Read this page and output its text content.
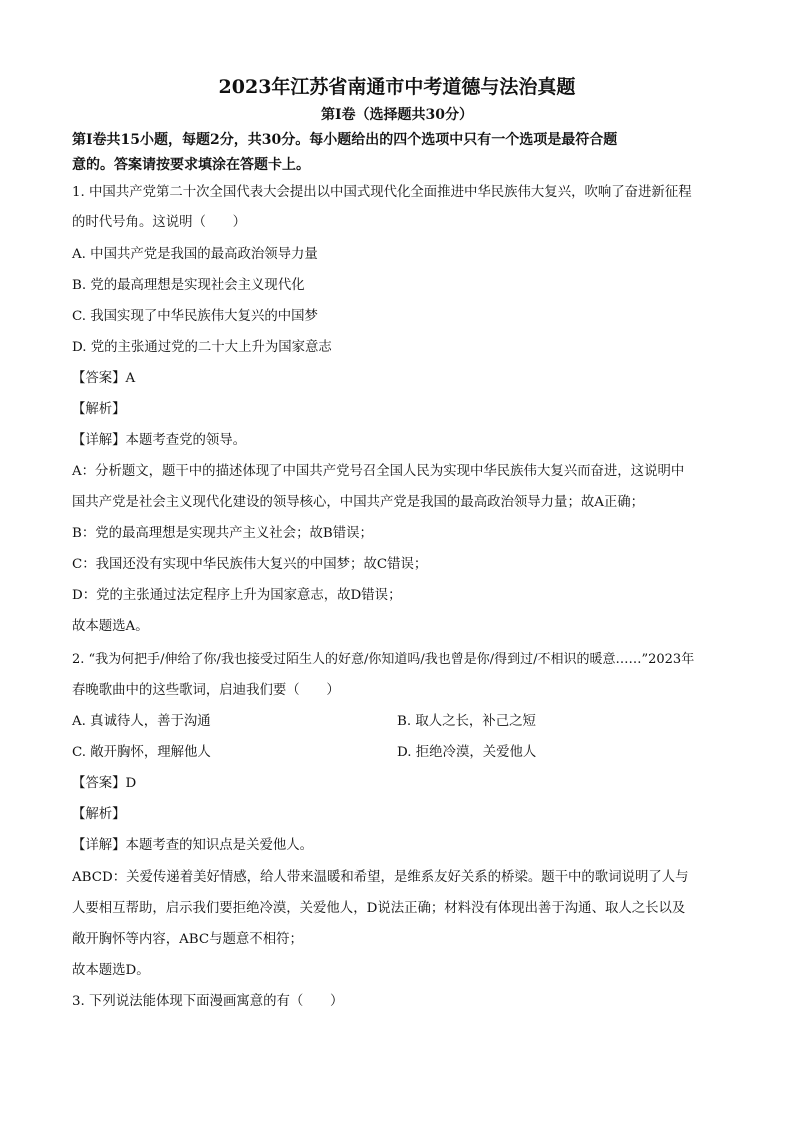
2023年江苏省南通市中考道德与法治真题
第Ⅰ卷（选择题共30分）
第Ⅰ卷共15小题，每题2分，共30分。每小题给出的四个选项中只有一个选项是最符合题
意的。答案请按要求填涂在答题卡上。
1. 中国共产党第二十次全国代表大会提出以中国式现代化全面推进中华民族伟大复兴，吹响了奋进新征程
的时代号角。这说明（　　）
A. 中国共产党是我国的最高政治领导力量
B. 党的最高理想是实现社会主义现代化
C. 我国实现了中华民族伟大复兴的中国梦
D. 党的主张通过党的二十大上升为国家意志
【答案】A
【解析】
【详解】本题考查党的领导。
A：分析题文，题干中的描述体现了中国共产党号召全国人民为实现中华民族伟大复兴而奋进，这说明中
国共产党是社会主义现代化建设的领导核心，中国共产党是我国的最高政治领导力量；故A正确；
B：党的最高理想是实现共产主义社会；故B错误；
C：我国还没有实现中华民族伟大复兴的中国梦；故C错误；
D：党的主张通过法定程序上升为国家意志，故D错误；
故本题选A。
2. “我为何把手/伸给了你/我也接受过陌生人的好意/你知道吗/我也曾是你/得到过/不相识的暖意……”2023年
春晚歌曲中的这些歌词，启迪我们要（　　）
A. 真诚待人，善于沟通	B. 取人之长，补己之短
C. 敞开胸怀，理解他人	D. 拒绝冷漠，关爱他人
【答案】D
【解析】
【详解】本题考查的知识点是关爱他人。
ABCD：关爱传递着美好情感，给人带来温暖和希望，是维系友好关系的桥梁。题干中的歌词说明了人与
人要相互帮助，启示我们要拒绝冷漠，关爱他人，D说法正确；材料没有体现出善于沟通、取人之长以及
敞开胸怀等内容，ABC与题意不相符；
故本题选D。
3. 下列说法能体现下面漫画寓意的有（　　）
